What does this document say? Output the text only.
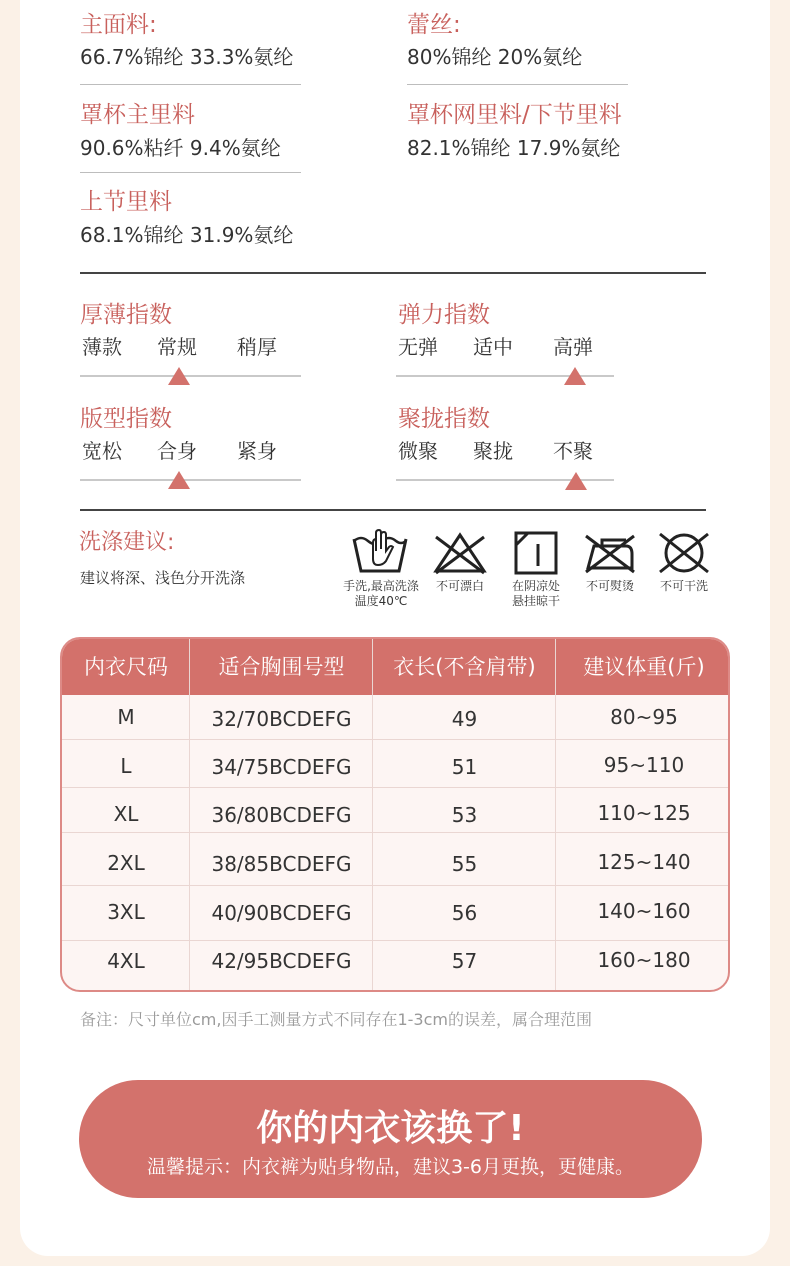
主面料:
66.7%锦纶 33.3%氨纶
蕾丝:
80%锦纶 20%氨纶
罩杯主里料
90.6%粘纤 9.4%氨纶
罩杯网里料/下节里料
82.1%锦纶 17.9%氨纶
上节里料
68.1%锦纶 31.9%氨纶
厚薄指数
薄款 常规 稍厚
弹力指数
无弹 适中 高弹
版型指数
宽松 合身 紧身
聚拢指数
微聚 聚拢 不聚
洗涤建议:
建议将深、浅色分开洗涤	手洗,最高洗涤
温度40℃
不可漂白	在阴凉处
悬挂晾干
不可熨烫	不可干洗
内衣尺码	适合胸围号型	衣长(不含肩带)	建议体重(斤)
M	32/70BCDEFG	49	80~95
L	34/75BCDEFG	51	95~110
XL	36/80BCDEFG	53	110~125
2XL	38/85BCDEFG	55	125~140
3XL	40/90BCDEFG	56	140~160
4XL	42/95BCDEFG	57	160~180
备注：尺寸单位cm,因手工测量方式不同存在1-3cm的误差，属合理范围
你的内衣该换了!
温馨提示：内衣裤为贴身物品，建议3-6月更换，更健康。
